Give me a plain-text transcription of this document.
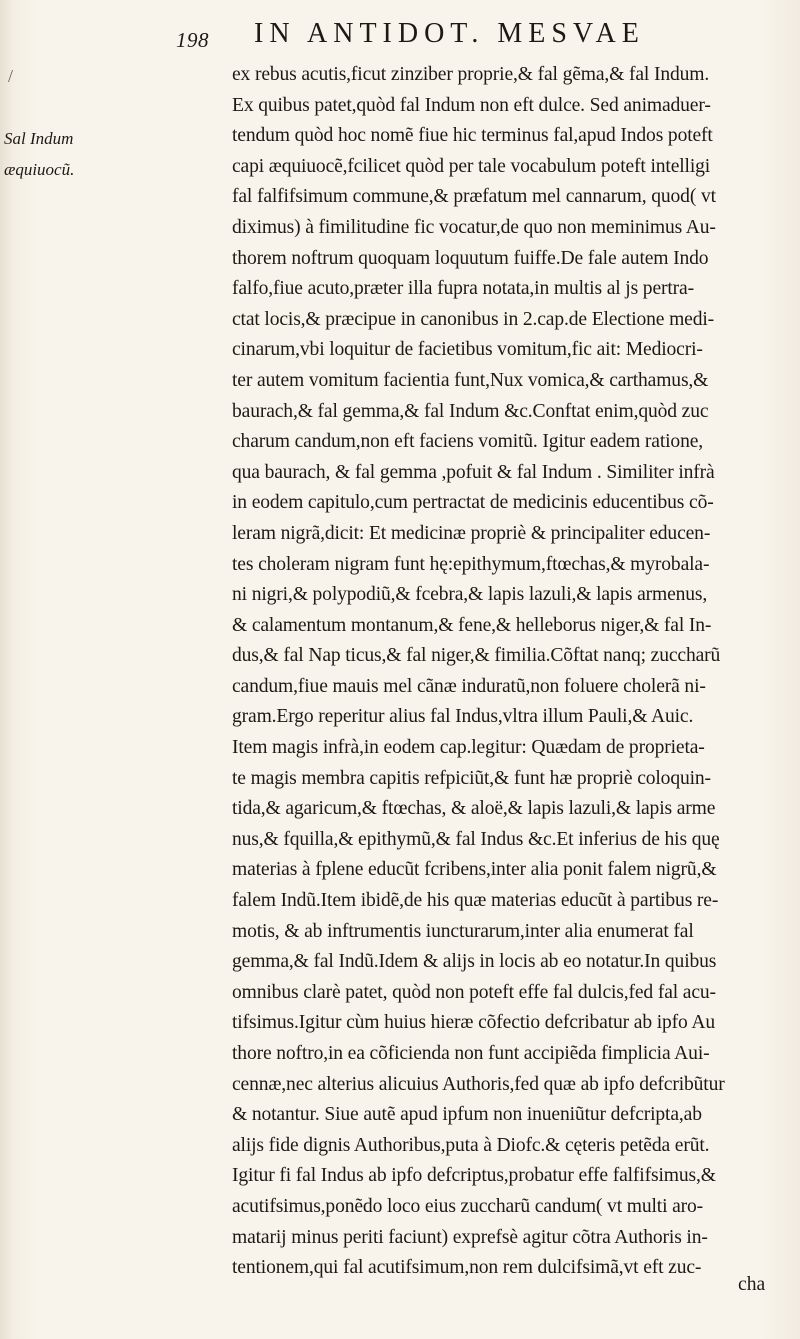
198 IN ANTIDOT. MESVAE
/
Sal Indum
æquiuocũ.
ex rebus acutis,ficut zinziber proprie,& fal gẽma,& fal Indum.
Ex quibus patet,quòd fal Indum non eft dulce. Sed animaduer-
tendum quòd hoc nomẽ fiue hic terminus fal,apud Indos poteft
capi æquiuocẽ,fcilicet quòd per tale vocabulum poteft intelligi
fal falfifsimum commune,& præfatum mel cannarum, quod( vt
diximus) à fimilitudine fic vocatur,de quo non meminimus Au-
thorem noftrum quoquam loquutum fuiffe.De fale autem Indo
falfo,fiue acuto,præter illa fupra notata,in multis al js pertra-
ctat locis,& præcipue in canonibus in 2.cap.de Electione medi-
cinarum,vbi loquitur de facietibus vomitum,fic ait: Mediocri-
ter autem vomitum facientia funt,Nux vomica,& carthamus,&
baurach,& fal gemma,& fal Indum &c.Conftat enim,quòd zuc
charum candum,non eft faciens vomitũ. Igitur eadem ratione,
qua baurach, & fal gemma ,pofuit & fal Indum . Similiter infrà
in eodem capitulo,cum pertractat de medicinis educentibus cõ-
leram nigrã,dicit: Et medicinæ propriè & principaliter educen-
tes choleram nigram funt hę:epithymum,ftœchas,& myrobala-
ni nigri,& polypodiũ,& fcebra,& lapis lazuli,& lapis armenus,
& calamentum montanum,& fene,& helleborus niger,& fal In-
dus,& fal Nap ticus,& fal niger,& fimilia.Cõftat nanq; zuccharũ
candum,fiue mauis mel cãnæ induratũ,non foluere cholerã ni-
gram.Ergo reperitur alius fal Indus,vltra illum Pauli,& Auic.
Item magis infrà,in eodem cap.legitur: Quædam de proprieta-
te magis membra capitis refpiciũt,& funt hæ propriè coloquin-
tida,& agaricum,& ftœchas, & aloë,& lapis lazuli,& lapis arme
nus,& fquilla,& epithymũ,& fal Indus &c.Et inferius de his quę
materias à fplene educũt fcribens,inter alia ponit falem nigrũ,&
falem Indũ.Item ibidẽ,de his quæ materias educũt à partibus re-
motis, & ab inftrumentis iuncturarum,inter alia enumerat fal
gemma,& fal Indũ.Idem & alijs in locis ab eo notatur.In quibus
omnibus clarè patet, quòd non poteft effe fal dulcis,fed fal acu-
tifsimus.Igitur cùm huius hieræ cõfectio defcribatur ab ipfo Au
thore noftro,in ea cõficienda non funt accipiẽda fimplicia Aui-
cennæ,nec alterius alicuius Authoris,fed quæ ab ipfo defcribũtur
& notantur. Siue autẽ apud ipfum non inueniũtur defcripta,ab
alijs fide dignis Authoribus,puta à Diofc.& cęteris petẽda erũt.
Igitur fi fal Indus ab ipfo defcriptus,probatur effe falfifsimus,&
acutifsimus,ponẽdo loco eius zuccharũ candum( vt multi aro-
matarij minus periti faciunt) exprefsè agitur cõtra Authoris in-
tentionem,qui fal acutifsimum,non rem dulcifsimã,vt eft zuc-
cha
